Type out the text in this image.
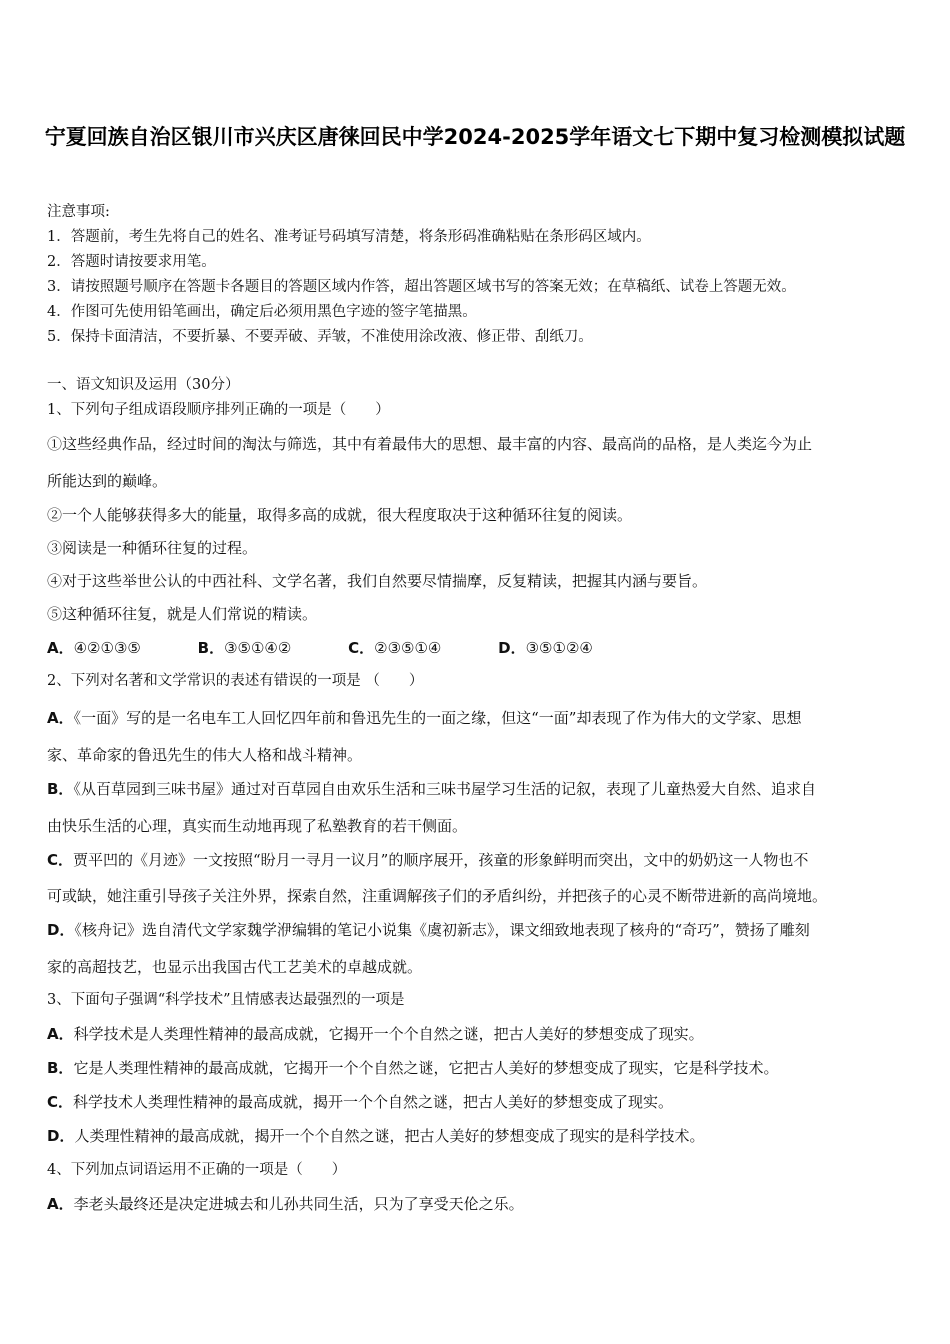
宁夏回族自治区银川市兴庆区唐徕回民中学2024-2025学年语文七下期中复习检测模拟试题
注意事项:
1．答题前，考生先将自己的姓名、准考证号码填写清楚，将条形码准确粘贴在条形码区域内。
2．答题时请按要求用笔。
3．请按照题号顺序在答题卡各题目的答题区域内作答，超出答题区域书写的答案无效；在草稿纸、试卷上答题无效。
4．作图可先使用铅笔画出，确定后必须用黑色字迹的签字笔描黑。
5．保持卡面清洁，不要折暴、不要弄破、弄皱，不准使用涂改液、修正带、刮纸刀。
一、语文知识及运用（30分）
1、下列句子组成语段顺序排列正确的一项是（　　）
①这些经典作品，经过时间的淘汰与筛选，其中有着最伟大的思想、最丰富的内容、最高尚的品格，是人类迄今为止
所能达到的巅峰。
②一个人能够获得多大的能量，取得多高的成就，很大程度取决于这种循环往复的阅读。
③阅读是一种循环往复的过程。
④对于这些举世公认的中西社科、文学名著，我们自然要尽情揣摩，反复精读，把握其内涵与要旨。
⑤这种循环往复，就是人们常说的精读。
A．④②①③⑤	B．③⑤①④②	C．②③⑤①④	D．③⑤①②④
2、下列对名著和文学常识的表述有错误的一项是 （　　）
A．《一面》写的是一名电车工人回忆四年前和鲁迅先生的一面之缘，但这“一面”却表现了作为伟大的文学家、思想
家、革命家的鲁迅先生的伟大人格和战斗精神。
B．《从百草园到三味书屋》通过对百草园自由欢乐生活和三味书屋学习生活的记叙，表现了儿童热爱大自然、追求自
由快乐生活的心理，真实而生动地再现了私塾教育的若干侧面。
C．贾平凹的《月迹》一文按照“盼月一寻月一议月”的顺序展开，孩童的形象鲜明而突出，文中的奶奶这一人物也不
可或缺，她注重引导孩子关注外界，探索自然，注重调解孩子们的矛盾纠纷，并把孩子的心灵不断带进新的高尚境地。
D．《核舟记》选自清代文学家魏学洢编辑的笔记小说集《虞初新志》，课文细致地表现了核舟的“奇巧”，赞扬了雕刻
家的高超技艺，也显示出我国古代工艺美术的卓越成就。
3、下面句子强调“科学技术”且情感表达最强烈的一项是
A．科学技术是人类理性精神的最高成就，它揭开一个个自然之谜，把古人美好的梦想变成了现实。
B．它是人类理性精神的最高成就，它揭开一个个自然之谜，它把古人美好的梦想变成了现实，它是科学技术。
C．科学技术人类理性精神的最高成就，揭开一个个自然之谜，把古人美好的梦想变成了现实。
D．人类理性精神的最高成就，揭开一个个自然之谜，把古人美好的梦想变成了现实的是科学技术。
4、下列加点词语运用不正确的一项是（　　）
A．李老头最终还是决定进城去和儿孙共同生活，只为了享受天伦之乐。
